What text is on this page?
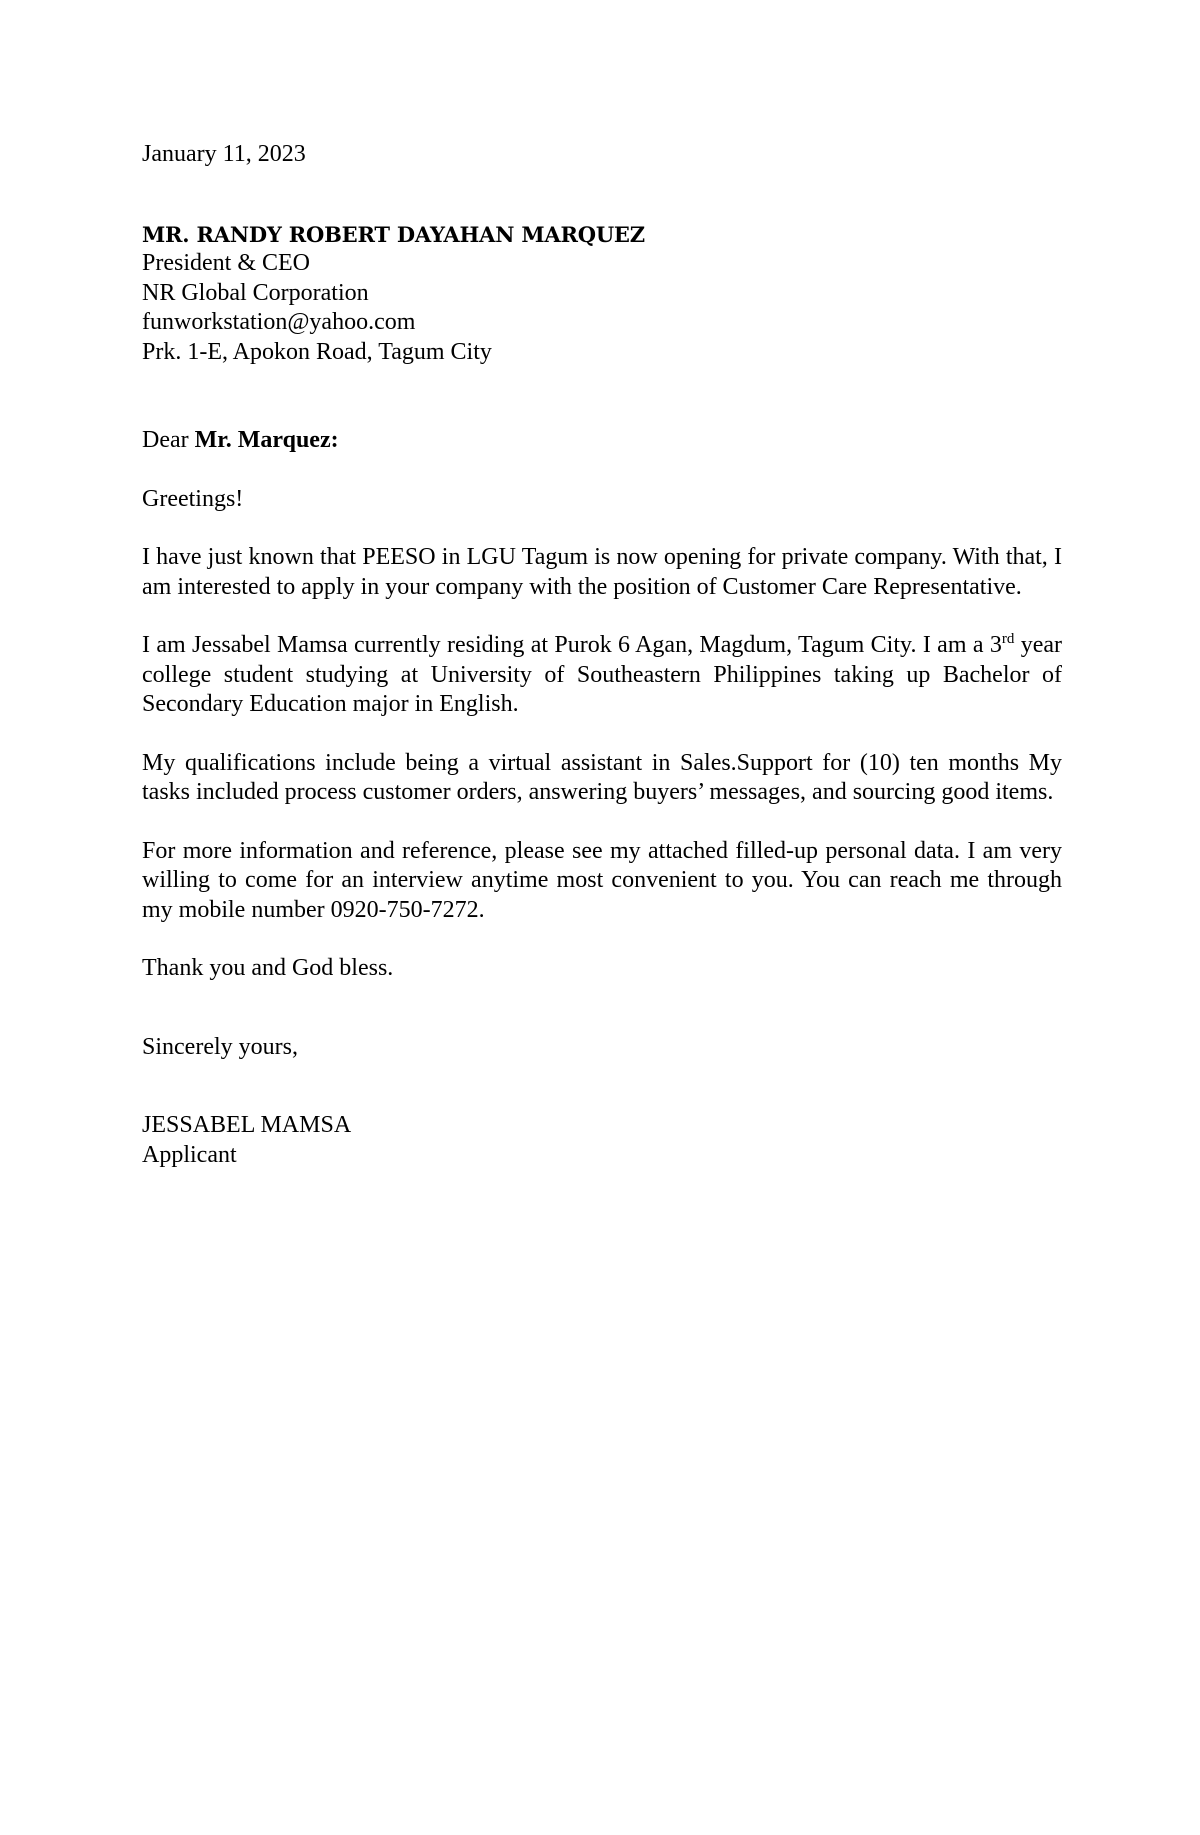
January 11, 2023
MR. RANDY ROBERT DAYAHAN MARQUEZ
President & CEO
NR Global Corporation
funworkstation@yahoo.com
Prk. 1-E, Apokon Road, Tagum City
Dear Mr. Marquez:

Greetings!

I have just known that PEESO in LGU Tagum is now opening for private company. With that, I am interested to apply in your company with the position of Customer Care Representative.

I am Jessabel Mamsa currently residing at Purok 6 Agan, Magdum, Tagum City. I am a 3rd year college student studying at University of Southeastern Philippines taking up Bachelor of Secondary Education major in English.

My qualifications include being a virtual assistant in Sales.Support for (10) ten months My tasks included process customer orders, answering buyers’ messages, and sourcing good items.

For more information and reference, please see my attached filled-up personal data. I am very willing to come for an interview anytime most convenient to you. You can reach me through my mobile number 0920-750-7272.

Thank you and God bless.
Sincerely yours,
JESSABEL MAMSA
Applicant
